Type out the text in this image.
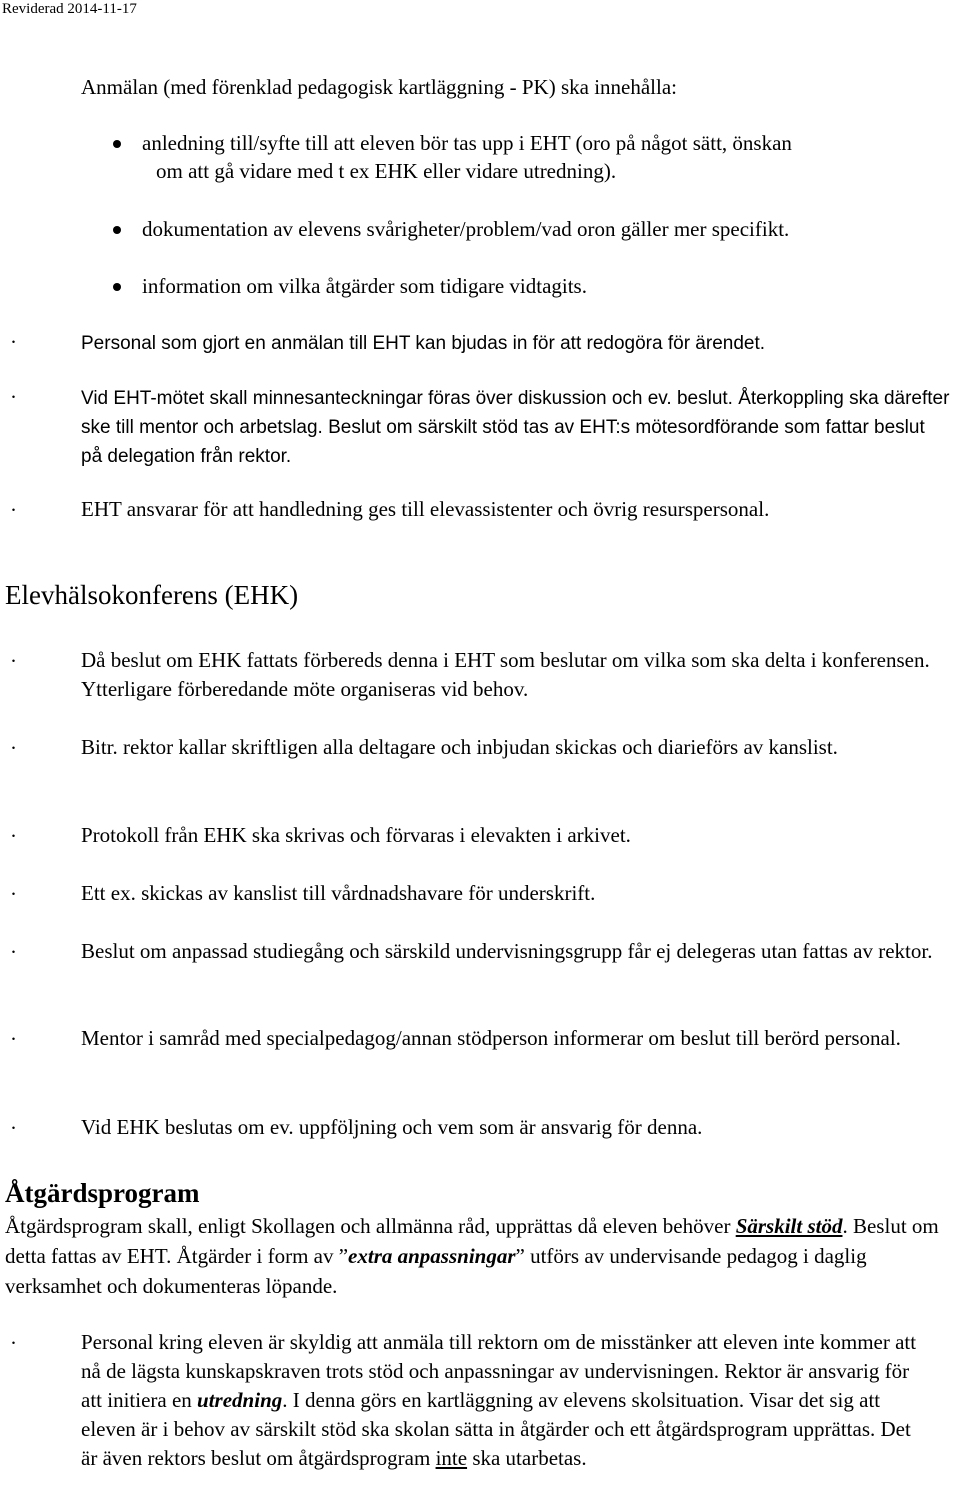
Reviderad 2014-11-17

Anmälan (med förenklad pedagogisk kartläggning - PK) ska innehålla:

anledning till/syfte till att eleven bör tas upp i EHT (oro på något sätt, önskan
om att gå vidare med t ex EHK eller vidare utredning).

dokumentation av elevens svårigheter/problem/vad oron gäller mer specifikt.

information om vilka åtgärder som tidigare vidtagits.

·	Personal som gjort en anmälan till EHT kan bjudas in för att redogöra för ärendet.

·	Vid EHT-mötet skall minnesanteckningar föras över diskussion och ev. beslut. Återkoppling ska därefter ske till mentor och arbetslag. Beslut om särskilt stöd tas av EHT:s mötesordförande som fattar beslut på delegation från rektor.

·	EHT ansvarar för att handledning ges till elevassistenter och övrig resurspersonal.

Elevhälsokonferens (EHK)
·	Då beslut om EHK fattats förbereds denna i EHT som beslutar om vilka som ska delta i konferensen. Ytterligare förberedande möte organiseras vid behov.

·	Bitr. rektor kallar skriftligen alla deltagare och inbjudan skickas och diarieförs av kanslist.

·	Protokoll från EHK ska skrivas och förvaras i elevakten i arkivet.

·	Ett ex. skickas av kanslist till vårdnadshavare för underskrift.

·	Beslut om anpassad studiegång och särskild undervisningsgrupp får ej delegeras utan fattas av rektor.

·	Mentor i samråd med specialpedagog/annan stödperson informerar om beslut till berörd personal.

·	Vid EHK beslutas om ev. uppföljning och vem som är ansvarig för denna.

Åtgärdsprogram

Åtgärdsprogram skall, enligt Skollagen och allmänna råd, upprättas då eleven behöver Särskilt stöd. Beslut om detta fattas av EHT. Åtgärder i form av ”extra anpassningar” utförs av undervisande pedagog i daglig verksamhet och dokumenteras löpande.

·	Personal kring eleven är skyldig att anmäla till rektorn om de misstänker att eleven inte kommer att nå de lägsta kunskapskraven trots stöd och anpassningar av undervisningen. Rektor är ansvarig för att initiera en utredning. I denna görs en kartläggning av elevens skolsituation. Visar det sig att eleven är i behov av särskilt stöd ska skolan sätta in åtgärder och ett åtgärdsprogram upprättas. Det är även rektors beslut om åtgärdsprogram inte ska utarbetas.
